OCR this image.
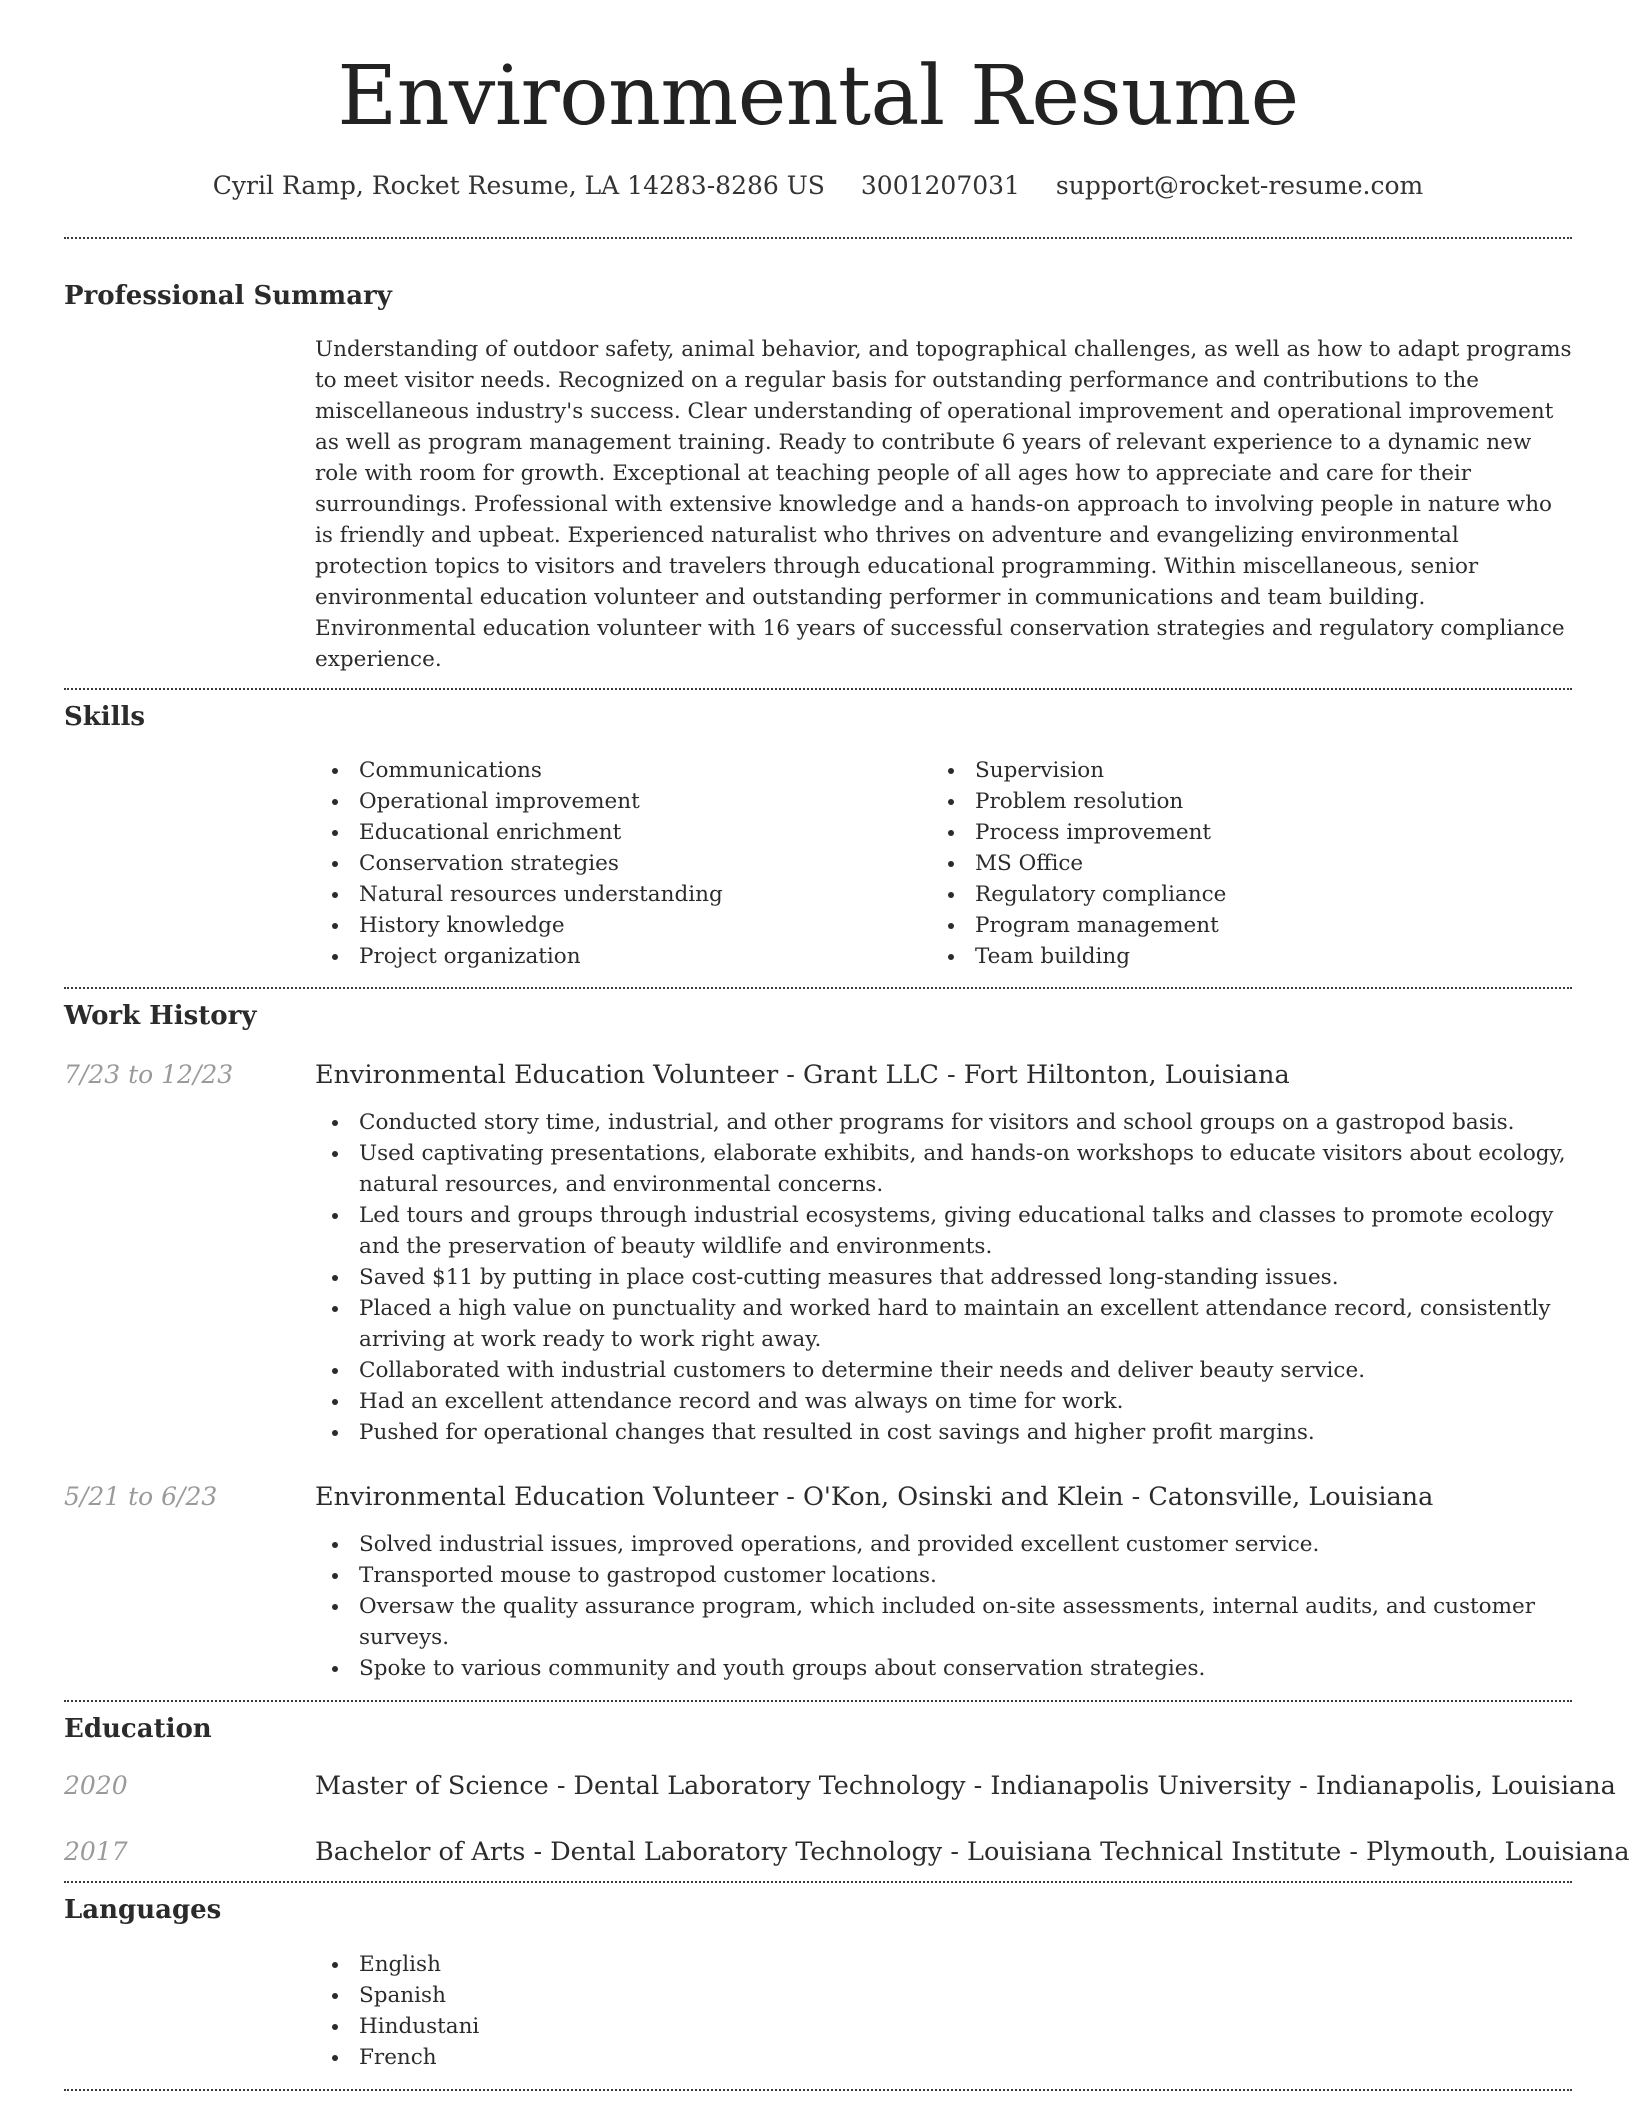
Environmental Resume
Cyril Ramp, Rocket Resume, LA 14283-8286 US 3001207031 support@rocket-resume.com
Professional Summary

Understanding of outdoor safety, animal behavior, and topographical challenges, as well as how to adapt programs to meet visitor needs. Recognized on a regular basis for outstanding performance and contributions to the miscellaneous industry's success. Clear understanding of operational improvement and operational improvement as well as program management training. Ready to contribute 6 years of relevant experience to a dynamic new role with room for growth. Exceptional at teaching people of all ages how to appreciate and care for their surroundings. Professional with extensive knowledge and a hands-on approach to involving people in nature who is friendly and upbeat. Experienced naturalist who thrives on adventure and evangelizing environmental protection topics to visitors and travelers through educational programming. Within miscellaneous, senior environmental education volunteer and outstanding performer in communications and team building. Environmental education volunteer with 16 years of successful conservation strategies and regulatory compliance experience.

Skills
Communications
Operational improvement
Educational enrichment
Conservation strategies
Natural resources understanding
History knowledge
Project organization
Supervision
Problem resolution
Process improvement
MS Office
Regulatory compliance
Program management
Team building
Work History
7/23 to 12/23	Environmental Education Volunteer - Grant LLC - Fort Hiltonton, Louisiana
Conducted story time, industrial, and other programs for visitors and school groups on a gastropod basis.
Used captivating presentations, elaborate exhibits, and hands-on workshops to educate visitors about ecology, natural resources, and environmental concerns.
Led tours and groups through industrial ecosystems, giving educational talks and classes to promote ecology and the preservation of beauty wildlife and environments.
Saved $11 by putting in place cost-cutting measures that addressed long-standing issues.
Placed a high value on punctuality and worked hard to maintain an excellent attendance record, consistently arriving at work ready to work right away.
Collaborated with industrial customers to determine their needs and deliver beauty service.
Had an excellent attendance record and was always on time for work.
Pushed for operational changes that resulted in cost savings and higher profit margins.
5/21 to 6/23	Environmental Education Volunteer - O'Kon, Osinski and Klein - Catonsville, Louisiana
Solved industrial issues, improved operations, and provided excellent customer service.
Transported mouse to gastropod customer locations.
Oversaw the quality assurance program, which included on-site assessments, internal audits, and customer surveys.
Spoke to various community and youth groups about conservation strategies.
Education
2020	Master of Science - Dental Laboratory Technology - Indianapolis University - Indianapolis, Louisiana
2017	Bachelor of Arts - Dental Laboratory Technology - Louisiana Technical Institute - Plymouth, Louisiana
Languages
English
Spanish
Hindustani
French
